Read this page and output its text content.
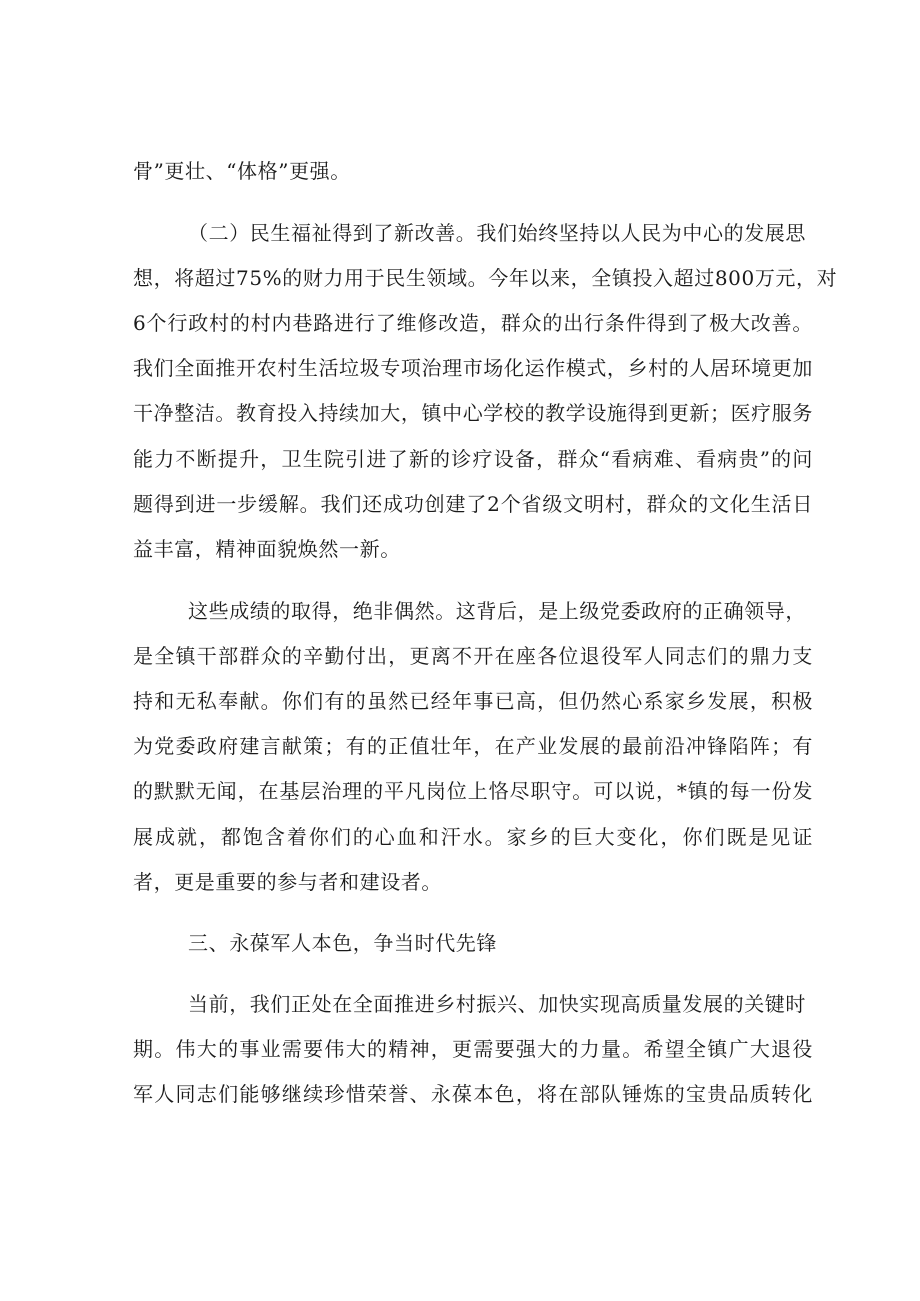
骨”更壮、“体格”更强。
（二）民生福祉得到了新改善。我们始终坚持以人民为中心的发展思
想，将超过75%的财力用于民生领域。今年以来，全镇投入超过800万元，对
6个行政村的村内巷路进行了维修改造，群众的出行条件得到了极大改善。
我们全面推开农村生活垃圾专项治理市场化运作模式，乡村的人居环境更加
干净整洁。教育投入持续加大，镇中心学校的教学设施得到更新；医疗服务
能力不断提升，卫生院引进了新的诊疗设备，群众“看病难、看病贵”的问
题得到进一步缓解。我们还成功创建了2个省级文明村，群众的文化生活日
益丰富，精神面貌焕然一新。
这些成绩的取得，绝非偶然。这背后，是上级党委政府的正确领导，
是全镇干部群众的辛勤付出，更离不开在座各位退役军人同志们的鼎力支
持和无私奉献。你们有的虽然已经年事已高，但仍然心系家乡发展，积极
为党委政府建言献策；有的正值壮年，在产业发展的最前沿冲锋陷阵；有
的默默无闻，在基层治理的平凡岗位上恪尽职守。可以说，*镇的每一份发
展成就，都饱含着你们的心血和汗水。家乡的巨大变化，你们既是见证
者，更是重要的参与者和建设者。
三、永葆军人本色，争当时代先锋
当前，我们正处在全面推进乡村振兴、加快实现高质量发展的关键时
期。伟大的事业需要伟大的精神，更需要强大的力量。希望全镇广大退役
军人同志们能够继续珍惜荣誉、永葆本色，将在部队锤炼的宝贵品质转化
